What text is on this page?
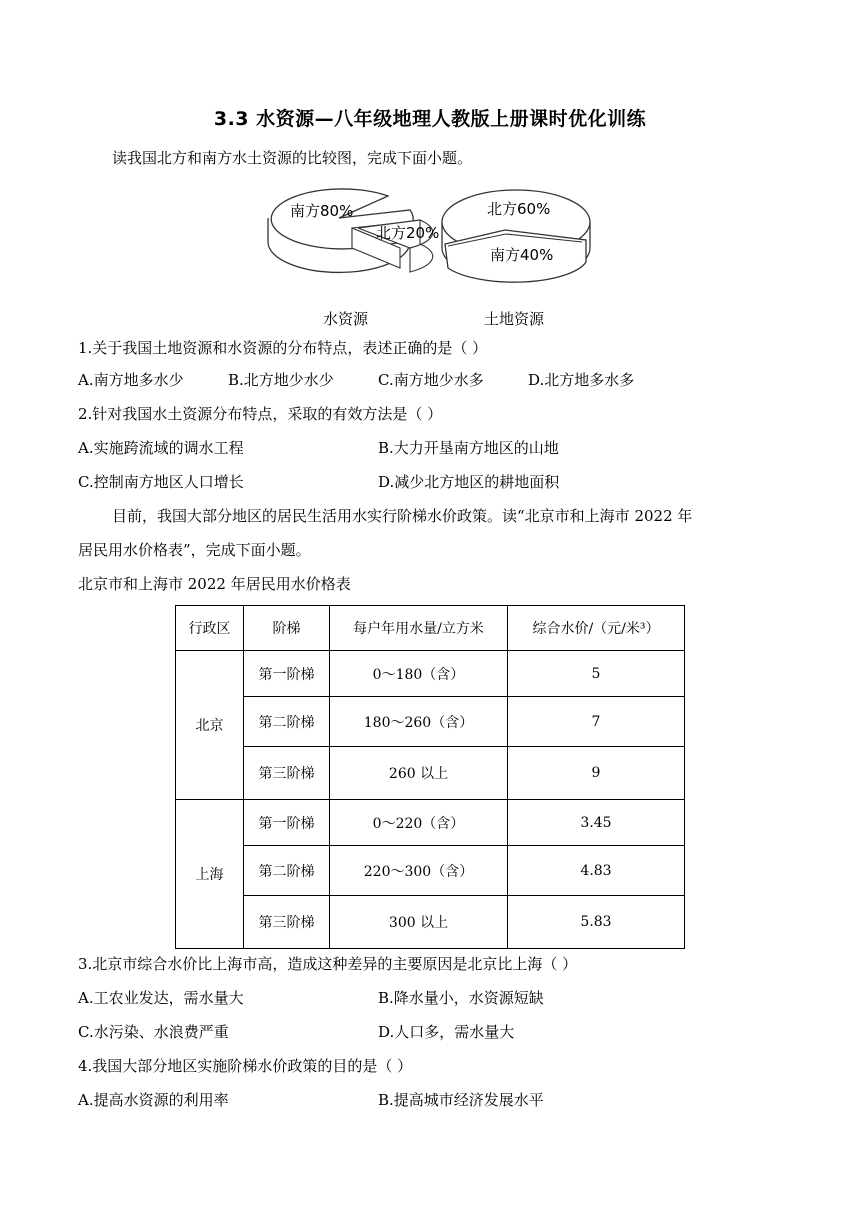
3.3 水资源—八年级地理人教版上册课时优化训练
读我国北方和南方水土资源的比较图，完成下面小题。
南方80%
北方20%
水资源
北方60%
南方40%
土地资源
1.关于我国土地资源和水资源的分布特点，表述正确的是（ ）
A.南方地多水少	B.北方地少水少	C.南方地少水多	D.北方地多水多
2.针对我国水土资源分布特点，采取的有效方法是（ ）
A.实施跨流域的调水工程	B.大力开垦南方地区的山地
C.控制南方地区人口增长	D.减少北方地区的耕地面积
目前，我国大部分地区的居民生活用水实行阶梯水价政策。读“北京市和上海市 2022 年
居民用水价格表”，完成下面小题。
北京市和上海市 2022 年居民用水价格表
行政区	阶梯	每户年用水量/立方米	综合水价/（元/米³）
北京	第一阶梯	0～180（含）	5
	第二阶梯	180～260（含）	7
	第三阶梯	260 以上	9
上海	第一阶梯	0～220（含）	3.45
	第二阶梯	220～300（含）	4.83
	第三阶梯	300 以上	5.83
3.北京市综合水价比上海市高，造成这种差异的主要原因是北京比上海（ ）
A.工农业发达，需水量大	B.降水量小，水资源短缺
C.水污染、水浪费严重	D.人口多，需水量大
4.我国大部分地区实施阶梯水价政策的目的是（ ）
A.提高水资源的利用率	B.提高城市经济发展水平
